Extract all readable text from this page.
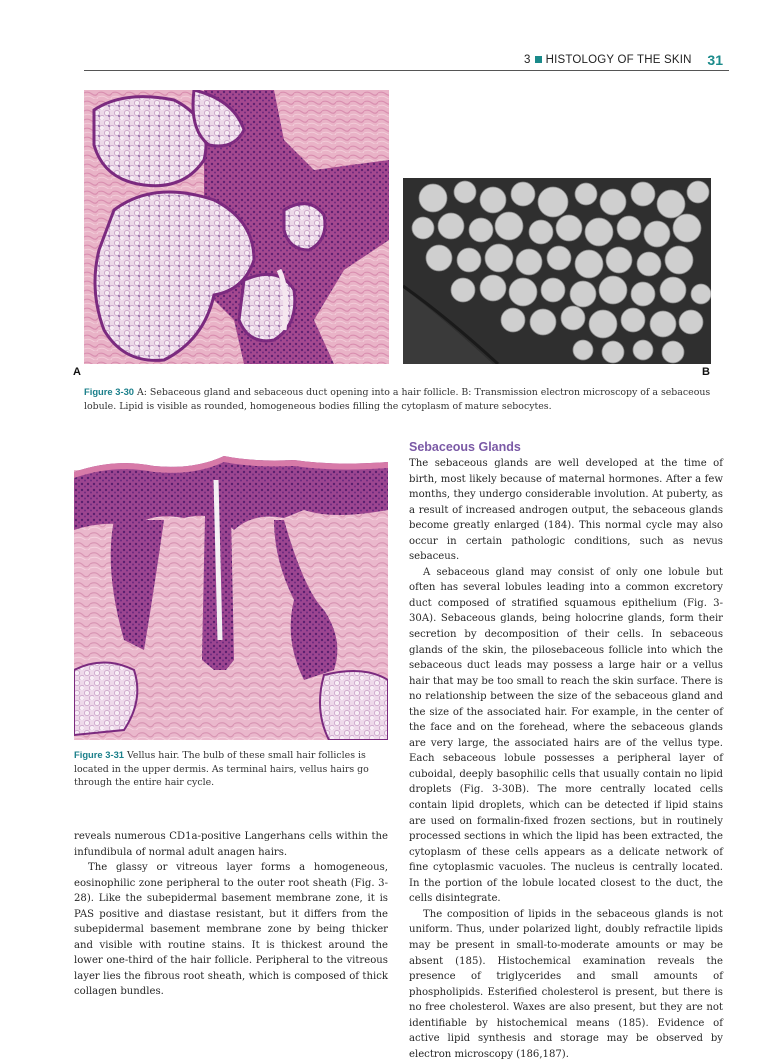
3 HISTOLOGY OF THE SKIN 31
A	B
Figure 3-30 A: Sebaceous gland and sebaceous duct opening into a hair follicle. B: Transmission electron microscopy of a sebaceous lobule. Lipid is visible as rounded, homogeneous bodies filling the cytoplasm of mature sebocytes.
Figure 3-31 Vellus hair. The bulb of these small hair follicles is located in the upper dermis. As terminal hairs, vellus hairs go through the entire hair cycle.

reveals numerous CD1a-positive Langerhans cells within the infundibula of normal adult anagen hairs.

The glassy or vitreous layer forms a homogeneous, eosinophilic zone peripheral to the outer root sheath (Fig. 3-28). Like the subepidermal basement membrane zone, it is PAS positive and diastase resistant, but it differs from the subepidermal basement membrane zone by being thicker and visible with routine stains. It is thickest around the lower one-third of the hair follicle. Peripheral to the vitreous layer lies the fibrous root sheath, which is composed of thick collagen bundles.

Sebaceous Glands

The sebaceous glands are well developed at the time of birth, most likely because of maternal hormones. After a few months, they undergo considerable involution. At puberty, as a result of increased androgen output, the sebaceous glands become greatly enlarged (184). This normal cycle may also occur in certain pathologic conditions, such as nevus sebaceus.

A sebaceous gland may consist of only one lobule but often has several lobules leading into a common excretory duct composed of stratified squamous epithelium (Fig. 3-30A). Sebaceous glands, being holocrine glands, form their secretion by decomposition of their cells. In sebaceous glands of the skin, the pilosebaceous follicle into which the sebaceous duct leads may possess a large hair or a vellus hair that may be too small to reach the skin surface. There is no relationship between the size of the sebaceous gland and the size of the associated hair. For example, in the center of the face and on the forehead, where the sebaceous glands are very large, the associated hairs are of the vellus type. Each sebaceous lobule possesses a peripheral layer of cuboidal, deeply basophilic cells that usually contain no lipid droplets (Fig. 3-30B). The more centrally located cells contain lipid droplets, which can be detected if lipid stains are used on formalin-fixed frozen sections, but in routinely processed sections in which the lipid has been extracted, the cytoplasm of these cells appears as a delicate network of fine cytoplasmic vacuoles. The nucleus is centrally located. In the portion of the lobule located closest to the duct, the cells disintegrate.

The composition of lipids in the sebaceous glands is not uniform. Thus, under polarized light, doubly refractile lipids may be present in small-to-moderate amounts or may be absent (185). Histochemical examination reveals the presence of triglycerides and small amounts of phospholipids. Esterified cholesterol is present, but there is no free cholesterol. Waxes are also present, but they are not identifiable by histochemical means (185). Evidence of active lipid synthesis and storage may be observed by electron microscopy (186,187).
